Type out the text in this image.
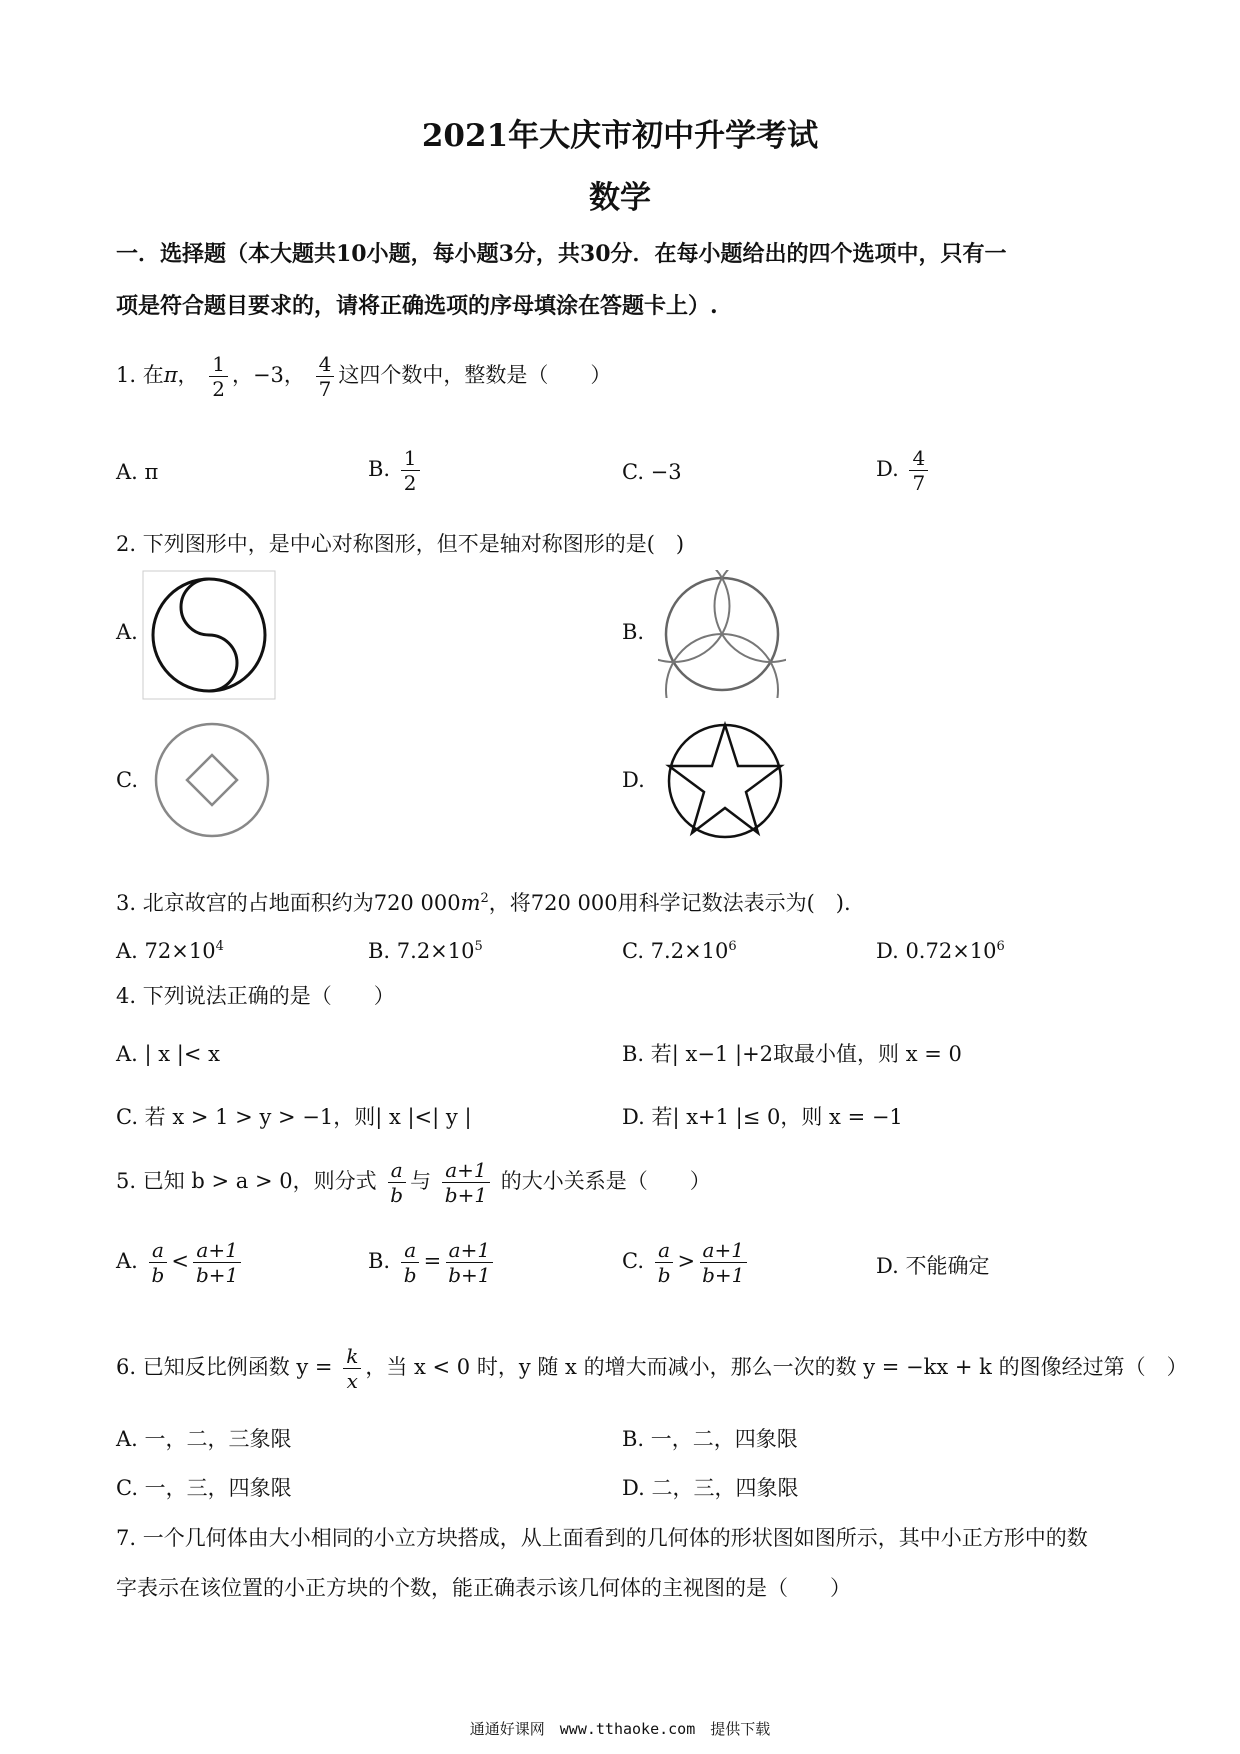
2021年大庆市初中升学考试
数学
一．选择题（本大题共10小题，每小题3分，共30分．在每小题给出的四个选项中，只有一
项是符合题目要求的，请将正确选项的序母填涂在答题卡上）.
1. 在π， $\frac{1}{2}$ ，−3， $\frac{4}{7}$ 这四个数中，整数是（　　）
A. π	B. $\frac{1}{2}$	C. −3	D. $\frac{4}{7}$
2. 下列图形中，是中心对称图形，但不是轴对称图形的是(　)
A.	B.
C.	D.
3. 北京故宫的占地面积约为720 $000m^2$，将720 000用科学记数法表示为(　).
A. $72\times 10^4$	B. $7.2\times 10^5$	C. $7.2\times 10^6$	D. $0.72\times 10^6$
4. 下列说法正确的是（　　）
A. | x |< x	B. 若| x−1 |+2取最小值，则 x = 0
C. 若 x > 1 > y > −1，则| x |<| y |	D. 若| x+1 |≤ 0，则 x = −1
5. 已知 b > a > 0，则分式 $\frac{a}{b}$ 与 $\frac{a+1}{b+1}$ 的大小关系是（　　）
A. $\frac{a}{b} < \frac{a+1}{b+1}$	B. $\frac{a}{b} = \frac{a+1}{b+1}$	C. $\frac{a}{b} > \frac{a+1}{b+1}$	D. 不能确定
6. 已知反比例函数 $y = \frac{k}{x}$ ，当 x < 0 时，y 随 x 的增大而减小，那么一次的数 y = −kx + k 的图像经过第（　）
A. 一，二，三象限	B. 一，二，四象限
C. 一，三，四象限	D. 二，三，四象限
7. 一个几何体由大小相同的小立方块搭成，从上面看到的几何体的形状图如图所示，其中小正方形中的数
字表示在该位置的小正方块的个数，能正确表示该几何体的主视图的是（　　）
通通好课网　www.tthaoke.com　提供下载
